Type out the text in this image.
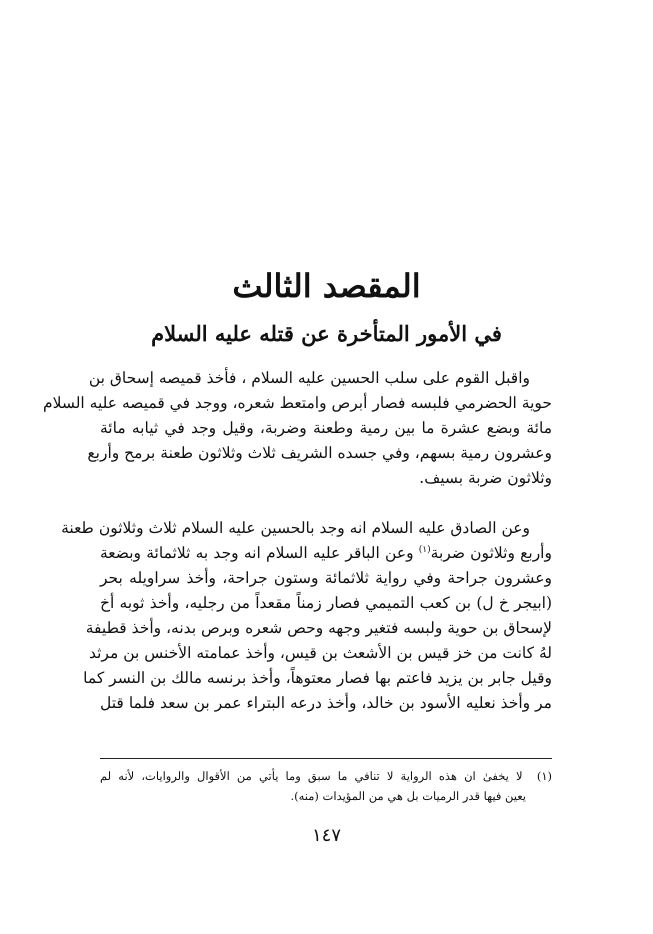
المقصد الثالث
في الأمور المتأخرة عن قتله عليه السلام
واقبل القوم على سلب الحسين عليه السلام ، فأخذ قميصه إسحاق بن
حوية الحضرمي فلبسه فصار أبرص وامتعط شعره، ووجد في قميصه عليه السلام
مائة وبضع عشرة ما بين رمية وطعنة وضربة، وقيل وجد في ثيابه مائة
وعشرون رمية بسهم، وفي جسده الشريف ثلاث وثلاثون طعنة برمح وأربع
وثلاثون ضربة بسيف.
وعن الصادق عليه السلام انه وجد بالحسين عليه السلام ثلاث وثلاثون طعنة
وأربع وثلاثون ضربة$^{(١)}$ وعن الباقر عليه السلام انه وجد به ثلاثمائة وبضعة
وعشرون جراحة وفي رواية ثلاثمائة وستون جراحة، وأخذ سراويله بحر
(ابيجر خ ل) بن كعب التميمي فصار زمناً مقعداً من رجليه، وأخذ ثوبه أخ
لإسحاق بن حوية ولبسه فتغير وجهه وحص شعره وبرص بدنه، وأخذ قطيفة
لهُ كانت من خز قيس بن الأشعث بن قيس، وأخذ عمامته الأخنس بن مرثد
وقيل جابر بن يزيد فاعتم بها فصار معتوهاً، وأخذ برنسه مالك بن النسر كما
مر وأخذ نعليه الأسود بن خالد، وأخذ درعه البتراء عمر بن سعد فلما قتل
(١)  لا يخفىٰ ان هذه الرواية لا تنافي ما سبق وما يأتي من الأقوال والروايات، لأنه لم
يعين فيها قدر الرميات بل هي من المؤيدات (منه).
١٤٧
